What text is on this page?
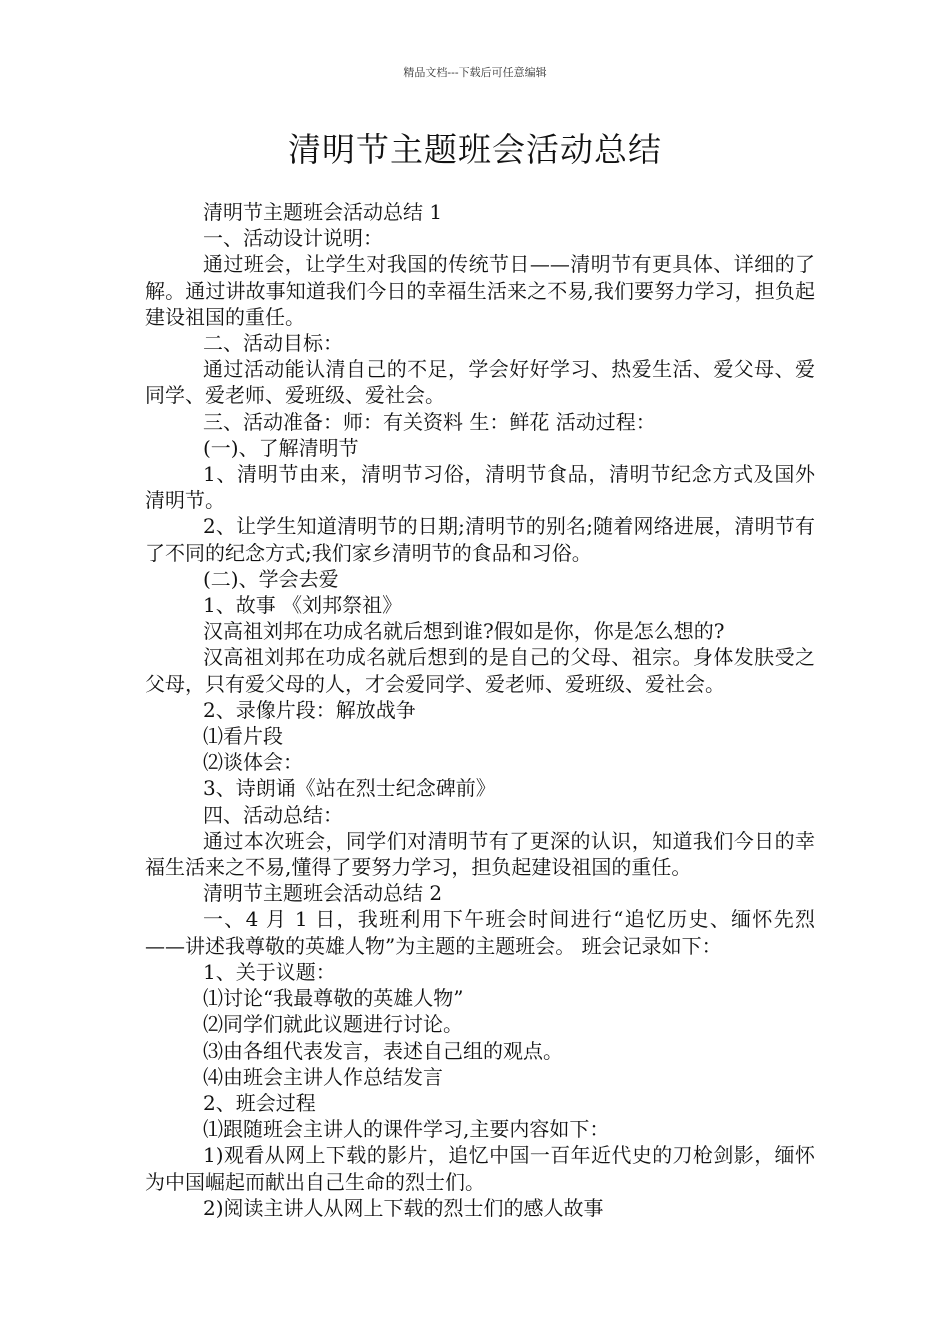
精品文档---下载后可任意编辑
清明节主题班会活动总结

清明节主题班会活动总结 1

一、活动设计说明：

通过班会，让学生对我国的传统节日——清明节有更具体、详细的了解。通过讲故事知道我们今日的幸福生活来之不易,我们要努力学习，担负起建设祖国的重任。

二、活动目标：

通过活动能认清自己的不足，学会好好学习、热爱生活、爱父母、爱同学、爱老师、爱班级、爱社会。

三、活动准备：师：有关资料 生：鲜花 活动过程：

(一)、了解清明节

1、清明节由来，清明节习俗，清明节食品，清明节纪念方式及国外清明节。

2、让学生知道清明节的日期;清明节的别名;随着网络进展，清明节有了不同的纪念方式;我们家乡清明节的食品和习俗。

(二)、学会去爱

1、故事 《刘邦祭祖》

汉高祖刘邦在功成名就后想到谁?假如是你，你是怎么想的?

汉高祖刘邦在功成名就后想到的是自己的父母、祖宗。身体发肤受之父母，只有爱父母的人，才会爱同学、爱老师、爱班级、爱社会。

2、录像片段：解放战争

⑴看片段

⑵谈体会：

3、诗朗诵《站在烈士纪念碑前》

四、活动总结：

通过本次班会，同学们对清明节有了更深的认识，知道我们今日的幸福生活来之不易,懂得了要努力学习，担负起建设祖国的重任。

清明节主题班会活动总结 2

一、4 月 1 日，我班利用下午班会时间进行“追忆历史、缅怀先烈——讲述我尊敬的英雄人物”为主题的主题班会。 班会记录如下：

1、关于议题：

⑴讨论“我最尊敬的英雄人物”

⑵同学们就此议题进行讨论。

⑶由各组代表发言，表述自己组的观点。

⑷由班会主讲人作总结发言

2、班会过程

⑴跟随班会主讲人的课件学习,主要内容如下：

1)观看从网上下载的影片，追忆中国一百年近代史的刀枪剑影，缅怀为中国崛起而献出自己生命的烈士们。

2)阅读主讲人从网上下载的烈士们的感人故事
